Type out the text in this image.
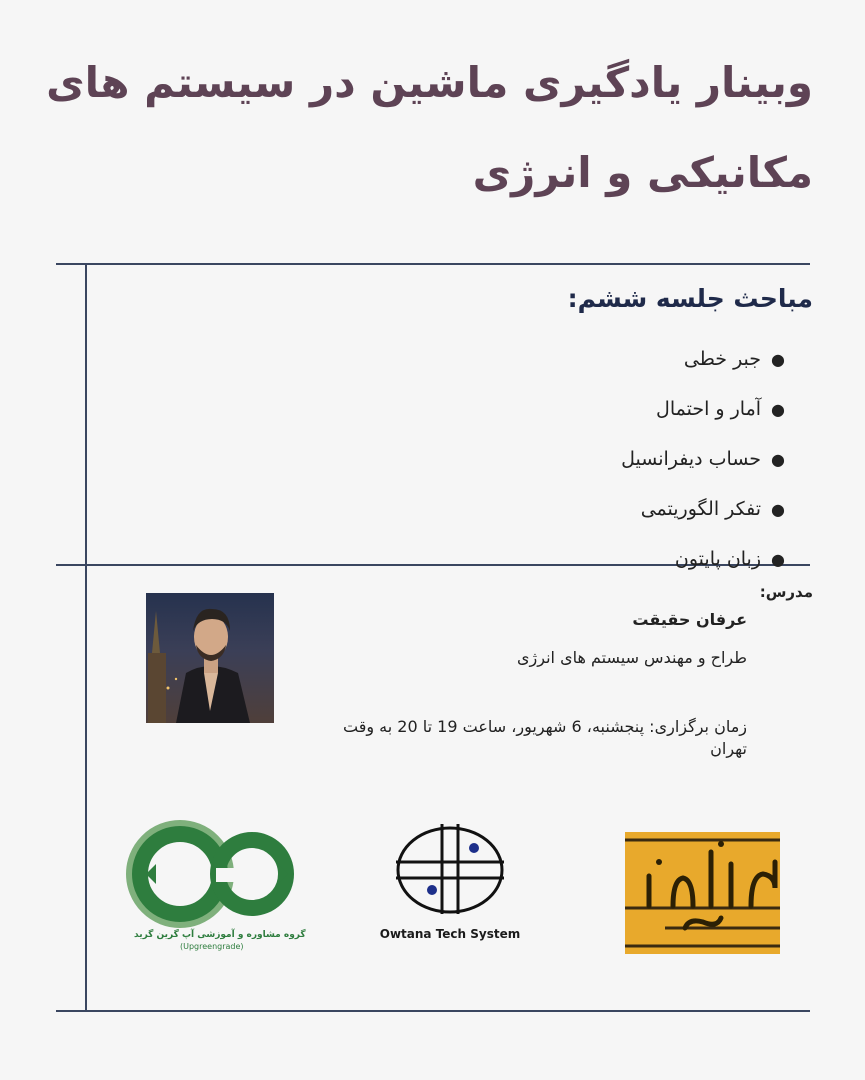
وبینار یادگیری ماشین در سیستم های
مکانیکی و انرژی
مباحث جلسه ششم:
جبر خطی ●
آمار و احتمال ●
حساب دیفرانسیل ●
تفکر الگوریتمی ●
زبان پایتون ●
مدرس:
عرفان حقیقت
طراح و مهندس سیستم های انرژی
زمان برگزاری: پنجشنبه، 6 شهریور، ساعت 19 تا 20 به وقت تهران
گروه مشاوره و آموزشی آپ گرین گرید
(Upgreengrade)
Owtana Tech System
